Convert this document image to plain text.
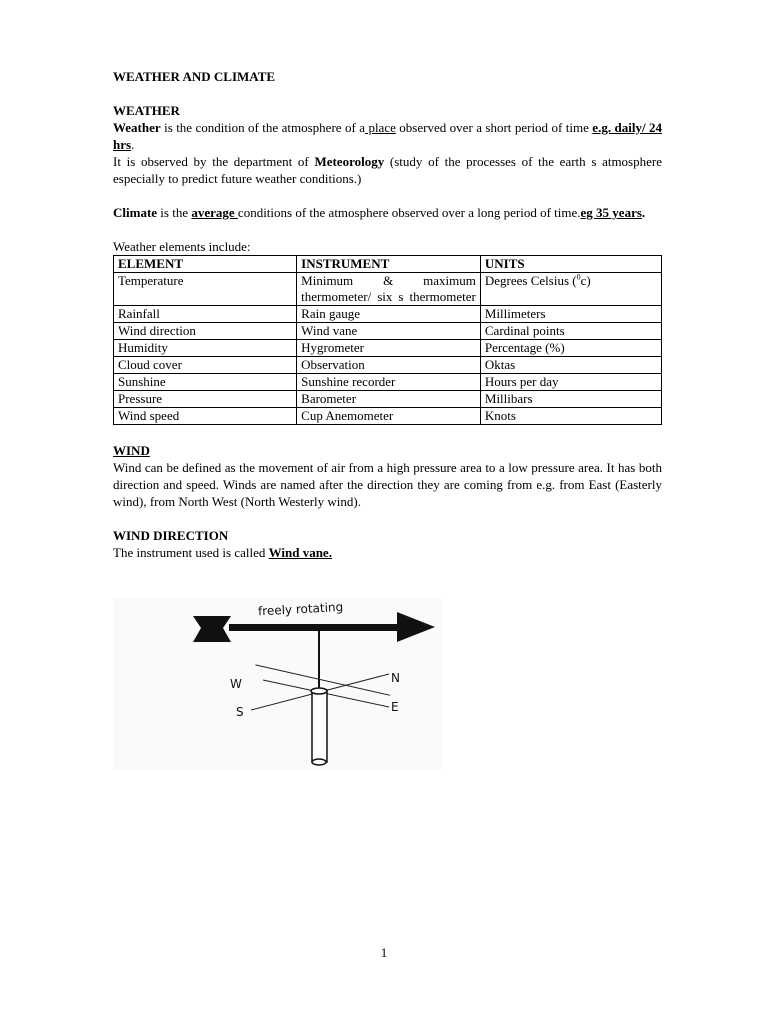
WEATHER AND CLIMATE

WEATHER

Weather is the condition of the atmosphere of a place observed over a short period of time e.g. daily/ 24 hrs.

It is observed by the department of Meteorology (study of the processes of the earth s atmosphere especially to predict future weather conditions.)

Climate is the average conditions of the atmosphere observed over a long period of time.eg 35 years.

Weather elements include:

ELEMENT	INSTRUMENT	UNITS
Temperature	Minimum & maximum thermometer/ six s thermometer	Degrees Celsius ($^0$c)
Rainfall	Rain gauge	Millimeters
Wind direction	Wind vane	Cardinal points
Humidity	Hygrometer	Percentage (%)
Cloud cover	Observation	Oktas
Sunshine	Sunshine recorder	Hours per day
Pressure	Barometer	Millibars
Wind speed	Cup Anemometer	Knots

WIND

Wind can be defined as the movement of air from a high pressure area to a low pressure area. It has both direction and speed. Winds are named after the direction they are coming from e.g. from East (Easterly wind), from North West (North Westerly wind).

WIND DIRECTION

The instrument used is called Wind vane.

freely rotating
W
S
N
E
1
